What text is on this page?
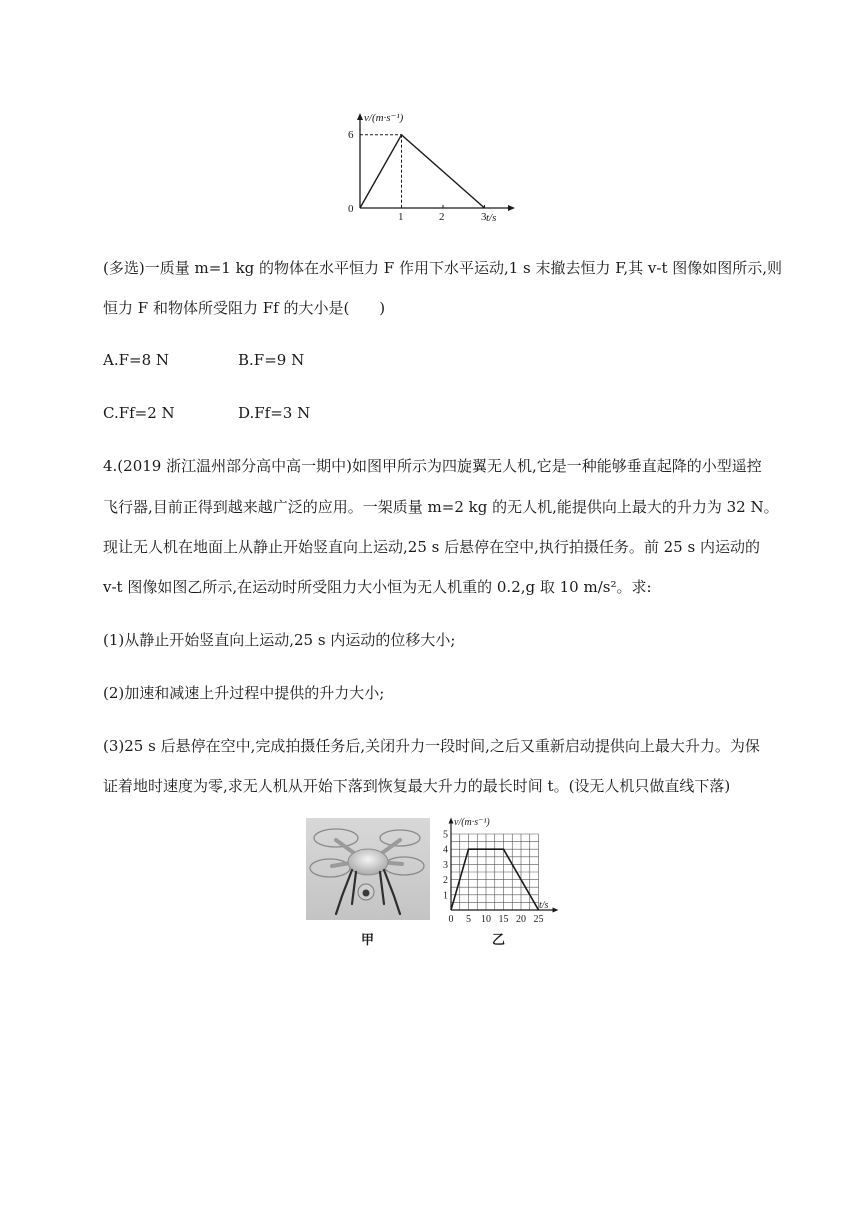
v/(m·s⁻¹)
t/s
6
0
1	2	3
(多选)一质量 m=1 kg 的物体在水平恒力 F 作用下水平运动,1 s 末撤去恒力 F,其 v-t 图像如图所示,则
恒力 F 和物体所受阻力 Ff 的大小是(　　)
A.F=8 N	B.F=9 N
C.Ff=2 N	D.Ff=3 N
4.(2019 浙江温州部分高中高一期中)如图甲所示为四旋翼无人机,它是一种能够垂直起降的小型遥控
飞行器,目前正得到越来越广泛的应用。一架质量 m=2 kg 的无人机,能提供向上最大的升力为 32 N。
现让无人机在地面上从静止开始竖直向上运动,25 s 后悬停在空中,执行拍摄任务。前 25 s 内运动的
v-t 图像如图乙所示,在运动时所受阻力大小恒为无人机重的 0.2,g 取 10 m/s²。求:
(1)从静止开始竖直向上运动,25 s 内运动的位移大小;
(2)加速和减速上升过程中提供的升力大小;
(3)25 s 后悬停在空中,完成拍摄任务后,关闭升力一段时间,之后又重新启动提供向上最大升力。为保
证着地时速度为零,求无人机从开始下落到恢复最大升力的最长时间 t。(设无人机只做直线下落)
v/(m·s⁻¹)
t/s
1
2
3
4
5
0 5 10 15 20 25
甲	乙
